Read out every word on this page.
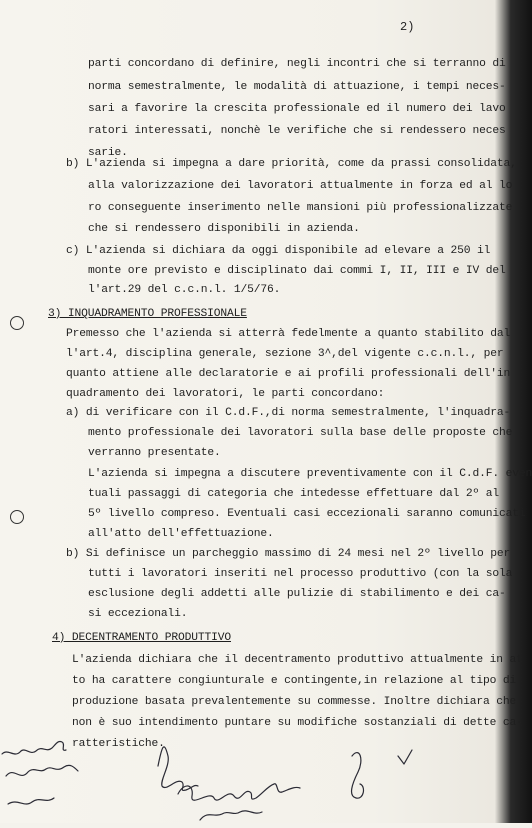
2)
parti concordano di definire, negli incontri che si terranno di
norma semestralmente, le modalità di attuazione, i tempi neces-
sari a favorire la crescita professionale ed il numero dei lavo
ratori interessati, nonchè le verifiche che si rendessero neces
sarie.
b) L'azienda si impegna a dare priorità, come da prassi consolidata,
alla valorizzazione dei lavoratori attualmente in forza ed al lo
ro conseguente inserimento nelle mansioni più professionalizzate
che si rendessero disponibili in azienda.
c) L'azienda si dichiara da oggi disponibile ad elevare a 250 il
monte ore previsto e disciplinato dai commi I, II, III e IV del
l'art.29 del c.c.n.l. 1/5/76.
3) INQUADRAMENTO PROFESSIONALE
Premesso che l'azienda si atterrà fedelmente a quanto stabilito dal
l'art.4, disciplina generale, sezione 3^,del vigente c.c.n.l., per
quanto attiene alle declaratorie e ai profili professionali dell'in
quadramento dei lavoratori, le parti concordano:
a) di verificare con il C.d.F.,di norma semestralmente, l'inquadra-
mento professionale dei lavoratori sulla base delle proposte che
verranno presentate.
L'azienda si impegna a discutere preventivamente con il C.d.F. even
tuali passaggi di categoria che intedesse effettuare dal 2º al
5º livello compreso. Eventuali casi eccezionali saranno comunicati
all'atto dell'effettuazione.
b) Si definisce un parcheggio massimo di 24 mesi nel 2º livello per
tutti i lavoratori inseriti nel processo produttivo (con la sola
esclusione degli addetti alle pulizie di stabilimento e dei ca-
si eccezionali.
4) DECENTRAMENTO PRODUTTIVO
L'azienda dichiara che il decentramento produttivo attualmente in at
to ha carattere congiunturale e contingente,in relazione al tipo di
produzione basata prevalentemente su commesse. Inoltre dichiara che
non è suo intendimento puntare su modifiche sostanziali di dette ca-
ratteristiche.
